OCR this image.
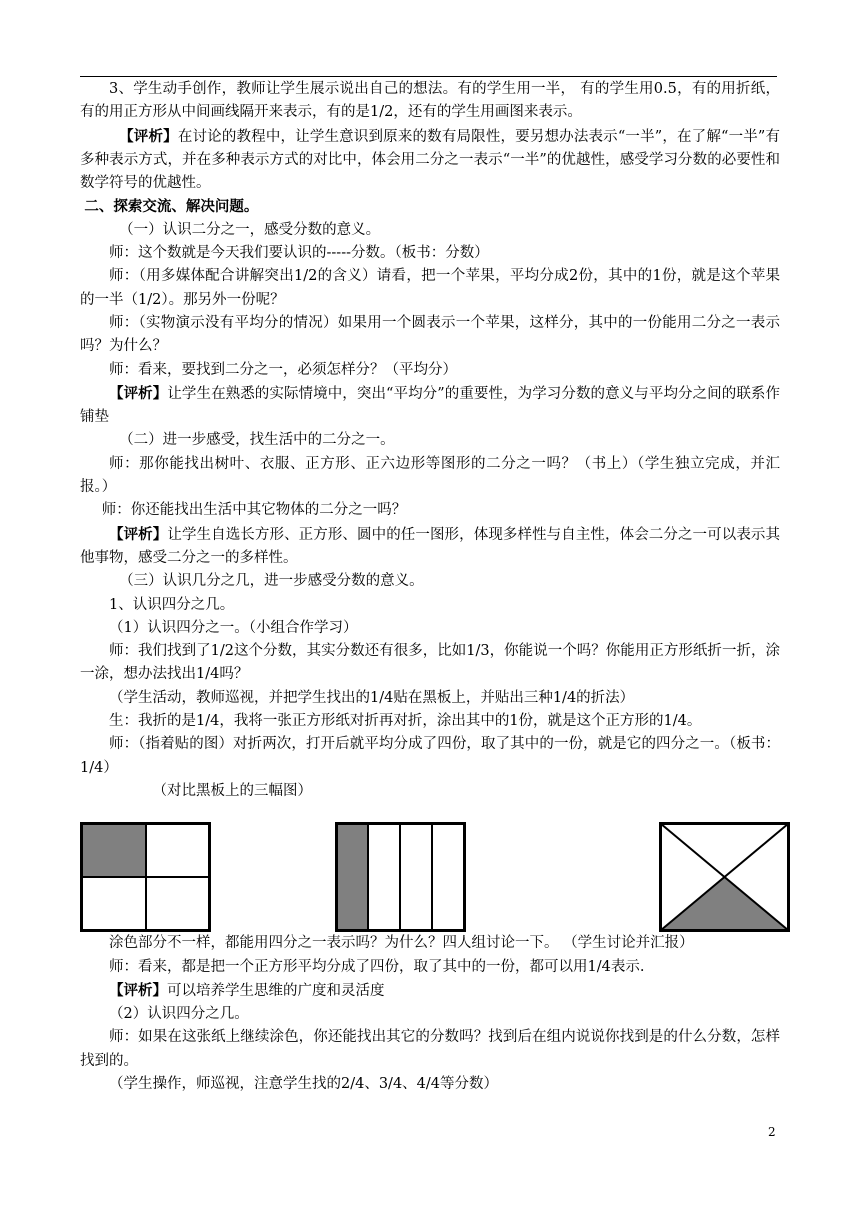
3、学生动手创作，教师让学生展示说出自己的想法。有的学生用一半， 有的学生用0.5，有的用折纸，有的用正方形从中间画线隔开来表示，有的是1/2，还有的学生用画图来表示。

【评析】在讨论的教程中，让学生意识到原来的数有局限性，要另想办法表示“一半”，在了解“一半”有多种表示方式，并在多种表示方式的对比中，体会用二分之一表示“一半”的优越性，感受学习分数的必要性和数学符号的优越性。

二、探索交流、解决问题。

（一）认识二分之一，感受分数的意义。

师：这个数就是今天我们要认识的-----分数。（板书：分数）

师：（用多媒体配合讲解突出1/2的含义）请看，把一个苹果，平均分成2份，其中的1份，就是这个苹果的一半（1/2）。那另外一份呢？

师：（实物演示没有平均分的情况）如果用一个圆表示一个苹果，这样分，其中的一份能用二分之一表示吗？为什么？

师：看来，要找到二分之一，必须怎样分？（平均分）

【评析】让学生在熟悉的实际情境中，突出“平均分”的重要性，为学习分数的意义与平均分之间的联系作铺垫

（二）进一步感受，找生活中的二分之一。

师：那你能找出树叶、衣服、正方形、正六边形等图形的二分之一吗？（书上）（学生独立完成，并汇报。）

师：你还能找出生活中其它物体的二分之一吗？

【评析】让学生自选长方形、正方形、圆中的任一图形，体现多样性与自主性，体会二分之一可以表示其他事物，感受二分之一的多样性。

（三）认识几分之几，进一步感受分数的意义。

1、认识四分之几。

（1）认识四分之一。（小组合作学习）

师：我们找到了1/2这个分数，其实分数还有很多，比如1/3，你能说一个吗？你能用正方形纸折一折，涂一涂，想办法找出1/4吗？

（学生活动，教师巡视，并把学生找出的1/4贴在黑板上，并贴出三种1/4的折法）

生：我折的是1/4，我将一张正方形纸对折再对折，涂出其中的1份，就是这个正方形的1/4。

师：（指着贴的图）对折两次，打开后就平均分成了四份，取了其中的一份，就是它的四分之一。（板书：1/4）

（对比黑板上的三幅图）

涂色部分不一样，都能用四分之一表示吗？为什么？四人组讨论一下。 （学生讨论并汇报）

师：看来，都是把一个正方形平均分成了四份，取了其中的一份，都可以用1/4表示.

【评析】可以培养学生思维的广度和灵活度

（2）认识四分之几。

师：如果在这张纸上继续涂色，你还能找出其它的分数吗？找到后在组内说说你找到是的什么分数，怎样找到的。

（学生操作，师巡视，注意学生找的2/4、3/4、4/4等分数）

2
